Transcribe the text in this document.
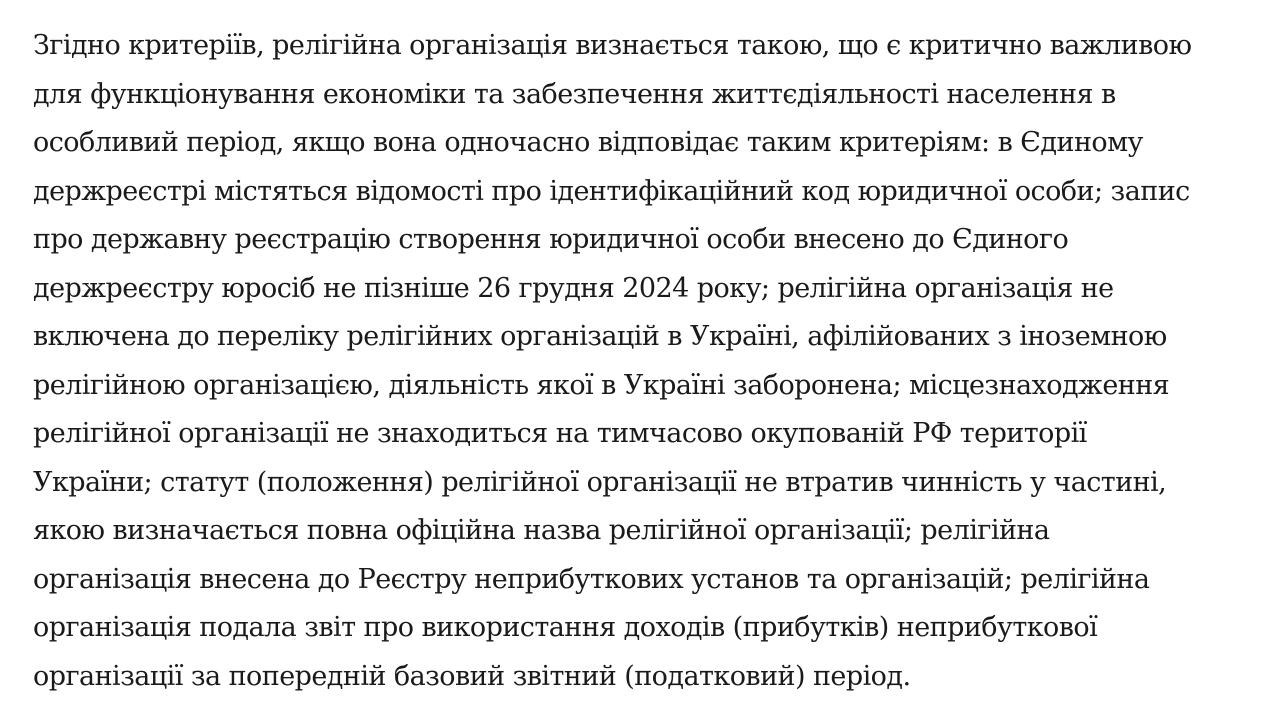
Згідно критеріїв, релігійна організація визнається такою, що є критично важливою
для функціонування економіки та забезпечення життєдіяльності населення в
особливий період, якщо вона одночасно відповідає таким критеріям: в Єдиному
держреєстрі містяться відомості про ідентифікаційний код юридичної особи; запис
про державну реєстрацію створення юридичної особи внесено до Єдиного
держреєстру юросіб не пізніше 26 грудня 2024 року; релігійна організація не
включена до переліку релігійних організацій в Україні, афілійованих з іноземною
релігійною організацією, діяльність якої в Україні заборонена; місцезнаходження
релігійної організації не знаходиться на тимчасово окупованій РФ території
України; статут (положення) релігійної організації не втратив чинність у частині,
якою визначається повна офіційна назва релігійної організації; релігійна
організація внесена до Реєстру неприбуткових установ та організацій; релігійна
організація подала звіт про використання доходів (прибутків) неприбуткової
організації за попередній базовий звітний (податковий) період.
